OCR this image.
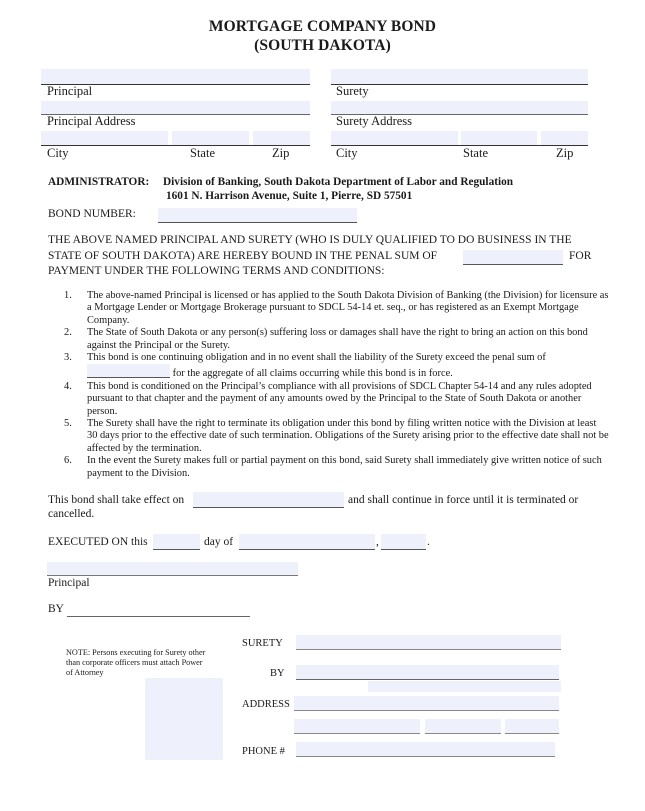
MORTGAGE COMPANY BOND
(SOUTH DAKOTA)
Principal
Principal Address
City	State	Zip
Surety
Surety Address
City	State	Zip
ADMINISTRATOR: Division of Banking, South Dakota Department of Labor and Regulation
1601 N. Harrison Avenue, Suite 1, Pierre, SD 57501
BOND NUMBER:
THE ABOVE NAMED PRINCIPAL AND SURETY (WHO IS DULY QUALIFIED TO DO BUSINESS IN THE
STATE OF SOUTH DAKOTA) ARE HEREBY BOUND IN THE PENAL SUM OF	FOR
PAYMENT UNDER THE FOLLOWING TERMS AND CONDITIONS:
1. The above-named Principal is licensed or has applied to the South Dakota Division of Banking (the Division) for licensure as a Mortgage Lender or Mortgage Brokerage pursuant to SDCL 54-14 et. seq., or has registered as an Exempt Mortgage Company.
2. The State of South Dakota or any person(s) suffering loss or damages shall have the right to bring an action on this bond against the Principal or the Surety.
3. This bond is one continuing obligation and in no event shall the liability of the Surety exceed the penal sum of
for the aggregate of all claims occurring while this bond is in force.
4. This bond is conditioned on the Principal’s compliance with all provisions of SDCL Chapter 54-14 and any rules adopted pursuant to that chapter and the payment of any amounts owed by the Principal to the State of South Dakota or another person.
5. The Surety shall have the right to terminate its obligation under this bond by filing written notice with the Division at least 30 days prior to the effective date of such termination. Obligations of the Surety arising prior to the effective date shall not be affected by the termination.
6. In the event the Surety makes full or partial payment on this bond, said Surety shall immediately give written notice of such payment to the Division.
This bond shall take effect on	and shall continue in force until it is terminated or
cancelled.
EXECUTED ON this	day of	,	.
Principal
BY
NOTE: Persons executing for Surety other than corporate officers must attach Power of Attorney
SURETY
BY
ADDRESS
PHONE #
